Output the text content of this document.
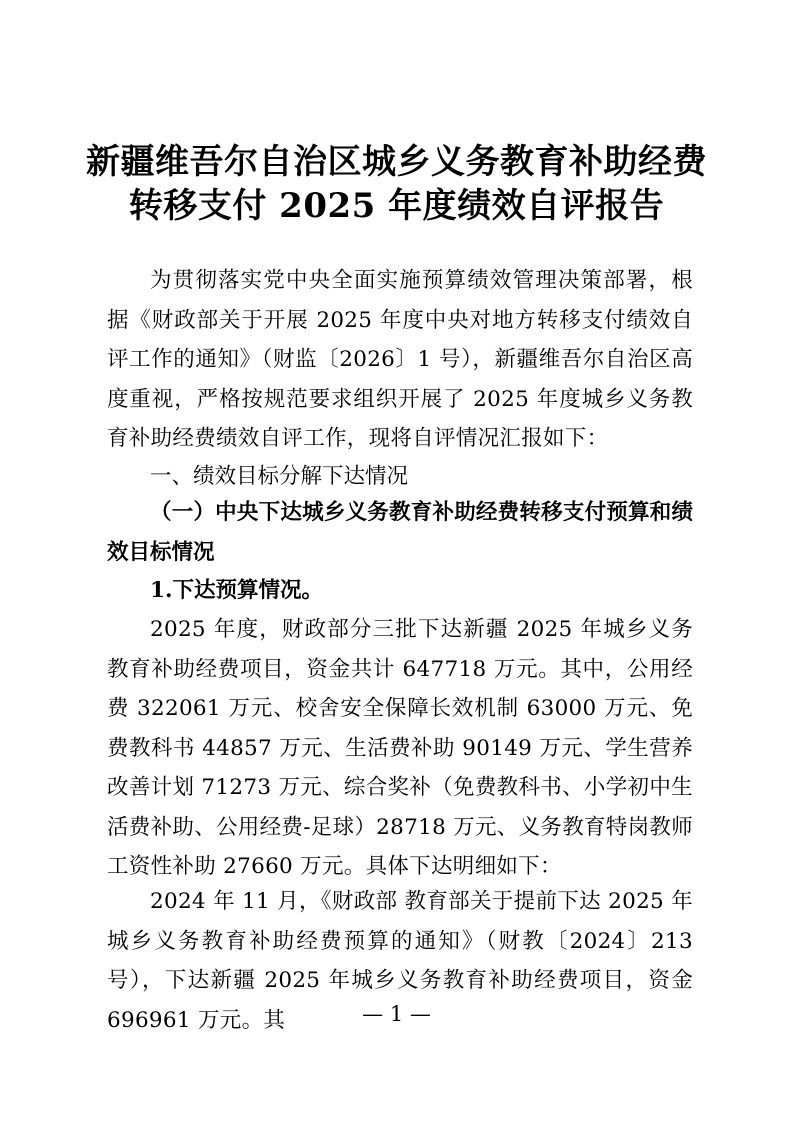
新疆维吾尔自治区城乡义务教育补助经费
转移支付 2025 年度绩效自评报告
为贯彻落实党中央全面实施预算绩效管理决策部署，根据《财政部关于开展 2025 年度中央对地方转移支付绩效自评工作的通知》（财监〔2026〕1 号），新疆维吾尔自治区高度重视，严格按规范要求组织开展了 2025 年度城乡义务教育补助经费绩效自评工作，现将自评情况汇报如下：
一、绩效目标分解下达情况
（一）中央下达城乡义务教育补助经费转移支付预算和绩效目标情况
1.下达预算情况。
2025 年度，财政部分三批下达新疆 2025 年城乡义务教育补助经费项目，资金共计 647718 万元。其中，公用经费 322061 万元、校舍安全保障长效机制 63000 万元、免费教科书 44857 万元、生活费补助 90149 万元、学生营养改善计划 71273 万元、综合奖补（免费教科书、小学初中生活费补助、公用经费-足球）28718 万元、义务教育特岗教师工资性补助 27660 万元。具体下达明细如下：
2024 年 11 月，《财政部 教育部关于提前下达 2025 年城乡义务教育补助经费预算的通知》（财教〔2024〕213 号），下达新疆 2025 年城乡义务教育补助经费项目，资金 696961 万元。其	— 1 —
